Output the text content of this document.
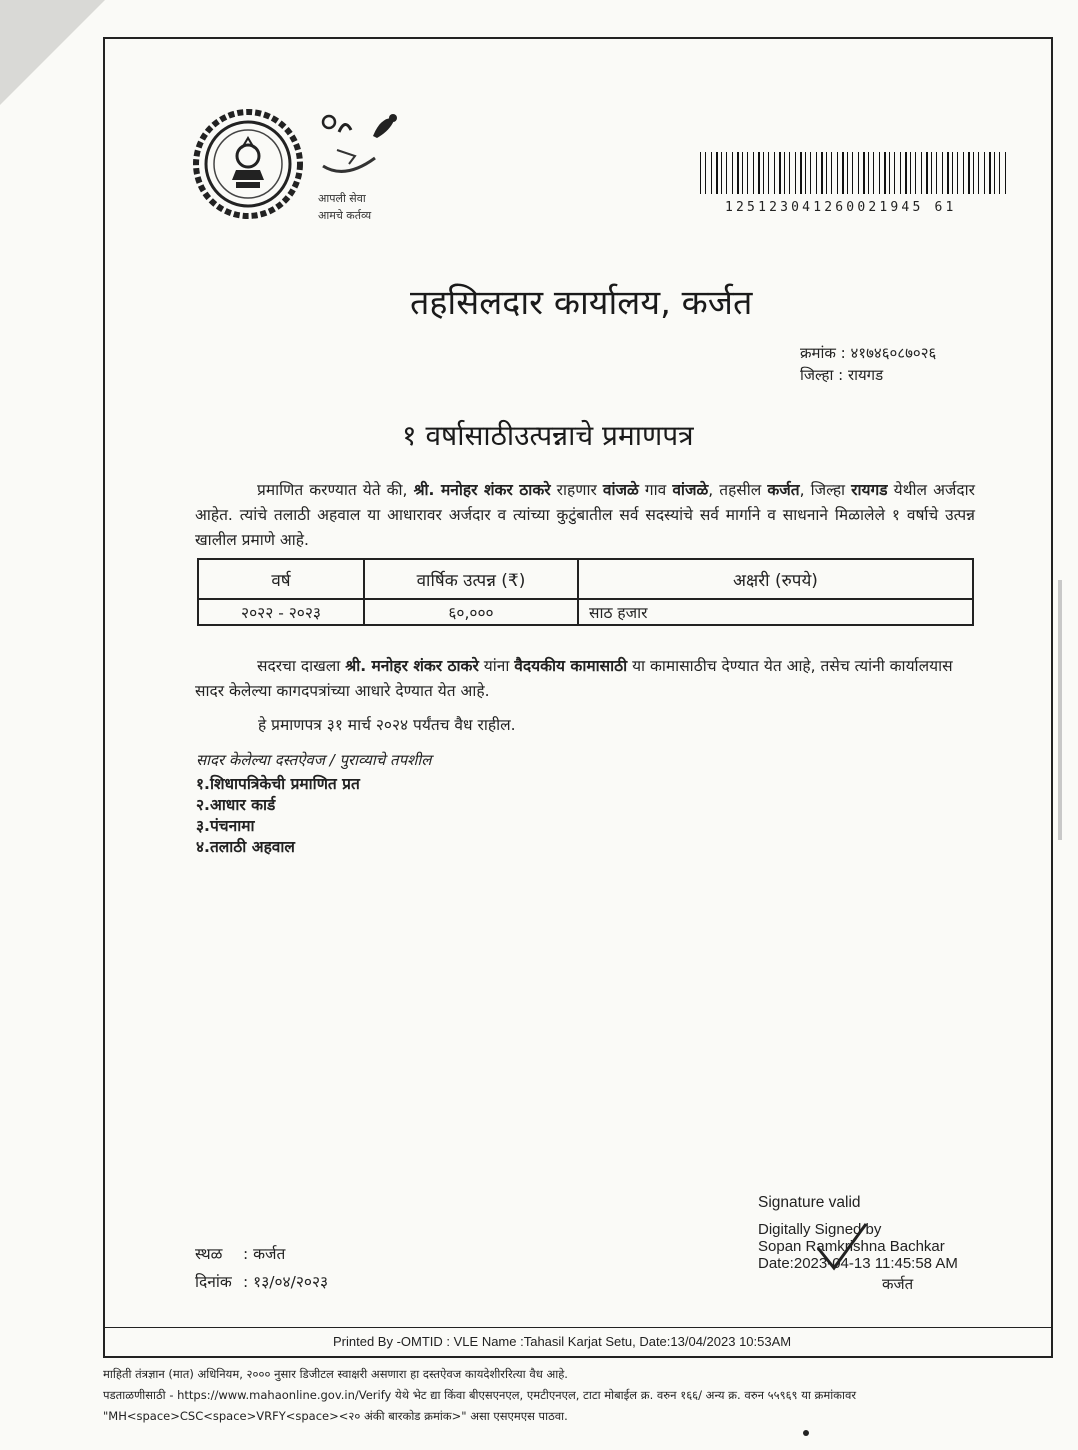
आपली सेवा
आमचे कर्तव्य
125123041260021945 61
तहसिलदार कार्यालय, कर्जत
क्रमांक : ४१७४६०८७०२६
जिल्हा : रायगड
१ वर्षासाठीउत्पन्नाचे प्रमाणपत्र
प्रमाणित करण्यात येते की, श्री. मनोहर शंकर ठाकरे राहणार वांजळे गाव वांजळे, तहसील कर्जत, जिल्हा रायगड येथील अर्जदार आहेत. त्यांचे तलाठी अहवाल या आधारावर अर्जदार व त्यांच्या कुटुंबातील सर्व सदस्यांचे सर्व मार्गाने व साधनाने मिळालेले १ वर्षाचे उत्पन्न खालील प्रमाणे आहे.
वर्ष	वार्षिक उत्पन्न (₹)	अक्षरी (रुपये)
२०२२ - २०२३	६०,०००	साठ हजार
सदरचा दाखला श्री. मनोहर शंकर ठाकरे यांना वैदयकीय कामासाठी या कामासाठीच देण्यात येत आहे, तसेच त्यांनी कार्यालयास सादर केलेल्या कागदपत्रांच्या आधारे देण्यात येत आहे.
हे प्रमाणपत्र ३१ मार्च २०२४ पर्यंतच वैध राहील.
सादर केलेल्या दस्तऐवज / पुराव्याचे तपशील
१.शिधापत्रिकेची प्रमाणित प्रत
२.आधार कार्ड
३.पंचनामा
४.तलाठी अहवाल
Signature valid
Digitally Signed by
Sopan Ramkrishna Bachkar
Date:2023-04-13 11:45:58 AM
कर्जत
स्थळ : कर्जत
दिनांक : १३/०४/२०२३
Printed By -OMTID : VLE Name :Tahasil Karjat Setu, Date:13/04/2023 10:53AM
माहिती तंत्रज्ञान (मात) अधिनियम, २००० नुसार डिजीटल स्वाक्षरी असणारा हा दस्तऐवज कायदेशीररित्या वैध आहे.
पडताळणीसाठी - https://www.mahaonline.gov.in/Verify येथे भेट द्या किंवा बीएसएनएल, एमटीएनएल, टाटा मोबाईल क्र. वरुन १६६/ अन्य क्र. वरुन ५५९६९ या क्रमांकावर
"MH<space>CSC<space>VRFY<space><२० अंकी बारकोड क्रमांक>" असा एसएमएस पाठवा.
